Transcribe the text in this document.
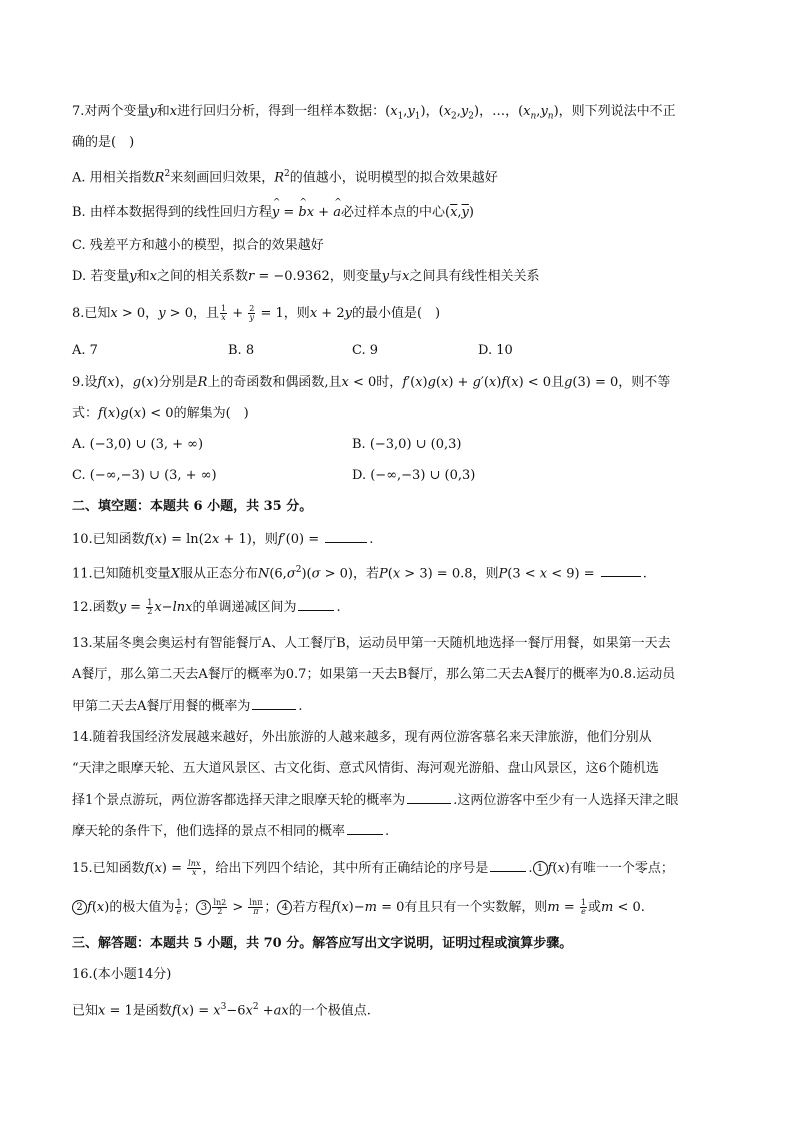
7.对两个变量y和x进行回归分析，得到一组样本数据：$(x_1,y_1)$，$(x_2,y_2)$，…，$(x_n,y_n)$，则下列说法中不正
确的是(　)
A. 用相关指数$R^2$来刻画回归效果，$R^2$的值越小，说明模型的拟合效果越好
B. 由样本数据得到的线性回归方程^ y = ^ bx + ^ a必过样本点的中心$(\overline{x},\overline{y})$
C. 残差平方和越小的模型，拟合的效果越好
D. 若变量y和x之间的相关系数r = −0.9362，则变量y与x之间具有线性相关关系
8.已知x > 0，y > 0，且 $\frac{1}{x} + \frac{2}{y} = 1$，则x + 2y的最小值是(　)
A. 7	B. 8	C. 9	D. 10
9.设f(x)，g(x)分别是R上的奇函数和偶函数,且x < 0时，f′(x)g(x) + g′(x)f(x) < 0且g(3) = 0，则不等
式：f(x)g(x) < 0的解集为(　)
A. (−3,0) ∪ (3, + ∞)	B. (−3,0) ∪ (0,3)
C. (−∞,−3) ∪ (3, + ∞)	D. (−∞,−3) ∪ (0,3)
二、填空题：本题共 6 小题，共 35 分。
10.已知函数f(x) = ln(2x + 1)，则f′(0) =	.
11.已知随机变量X服从正态分布$N(6,\sigma^2)(\sigma > 0)$，若P(x > 3) = 0.8，则P(3 < x < 9) =	.
12.函数$y = \frac{1}{2} x-\ln x$的单调递减区间为	.
13.某届冬奥会奥运村有智能餐厅A、人工餐厅B，运动员甲第一天随机地选择一餐厅用餐，如果第一天去
A餐厅，那么第二天去A餐厅的概率为0.7；如果第一天去B餐厅，那么第二天去A餐厅的概率为0.8.运动员
甲第二天去A餐厅用餐的概率为	.
14.随着我国经济发展越来越好，外出旅游的人越来越多，现有两位游客慕名来天津旅游，他们分别从
“天津之眼摩天轮、五大道风景区、古文化街、意式风情街、海河观光游船、盘山风景区，这6个随机选
择1个景点游玩，两位游客都选择天津之眼摩天轮的概率为	.这两位游客中至少有一人选择天津之眼
摩天轮的条件下，他们选择的景点不相同的概率	.
15.已知函数$f(x) = \frac{\ln x}{x}$ ，给出下列四个结论，其中所有正确结论的序号是	. 1 f(x)有唯一一个零点；
2 f(x)的极大值为 $\frac{1}{e}$ ； $3 \frac{\ln 2}{2} > \frac{\ln\pi}{\pi}$ ； 4 若方程f(x)−m = 0有且只有一个实数解，则$m = \frac{1}{e}$ 或m < 0.
三、解答题：本题共 5 小题，共 70 分。解答应写出文字说明，证明过程或演算步骤。
16.(本小题14分)
已知x = 1是函数$f(x) = x^3-6x^2 +ax$的一个极值点.
